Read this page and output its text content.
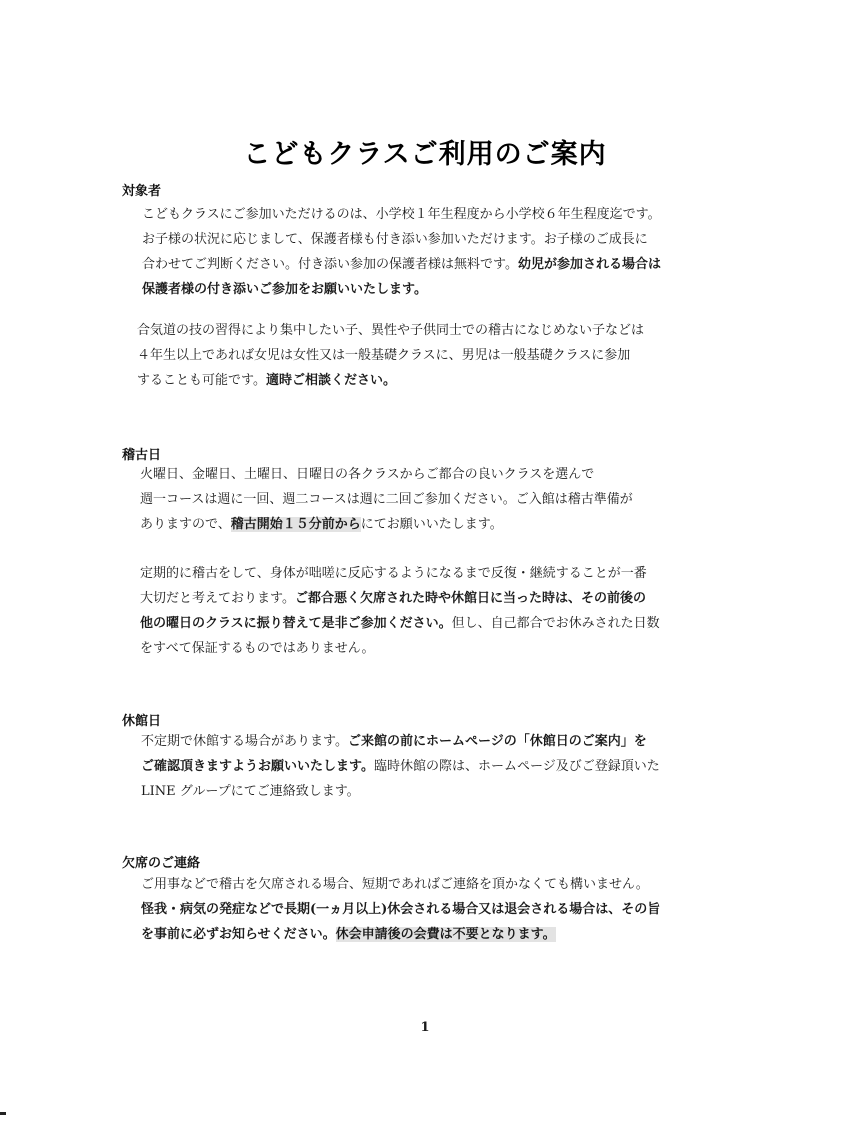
こどもクラスご利用のご案内
対象者
こどもクラスにご参加いただけるのは、小学校１年生程度から小学校６年生程度迄です。
お子様の状況に応じまして、保護者様も付き添い参加いただけます。お子様のご成長に
合わせてご判断ください。付き添い参加の保護者様は無料です。幼児が参加される場合は
保護者様の付き添いご参加をお願いいたします。
合気道の技の習得により集中したい子、異性や子供同士での稽古になじめない子などは
４年生以上であれば女児は女性又は一般基礎クラスに、男児は一般基礎クラスに参加
することも可能です。適時ご相談ください。
稽古日
火曜日、金曜日、土曜日、日曜日の各クラスからご都合の良いクラスを選んで
週一コースは週に一回、週二コースは週に二回ご参加ください。ご入館は稽古準備が
ありますので、稽古開始１５分前からにてお願いいたします。
定期的に稽古をして、身体が咄嗟に反応するようになるまで反復・継続することが一番
大切だと考えております。ご都合悪く欠席された時や休館日に当った時は、その前後の
他の曜日のクラスに振り替えて是非ご参加ください。但し、自己都合でお休みされた日数
をすべて保証するものではありません。
休館日
不定期で休館する場合があります。ご来館の前にホームページの「休館日のご案内」を
ご確認頂きますようお願いいたします。臨時休館の際は、ホームページ及びご登録頂いた
LINE グループにてご連絡致します。
欠席のご連絡
ご用事などで稽古を欠席される場合、短期であればご連絡を頂かなくても構いません。
怪我・病気の発症などで長期(一ヵ月以上)休会される場合又は退会される場合は、その旨
を事前に必ずお知らせください。休会申請後の会費は不要となります。
1
